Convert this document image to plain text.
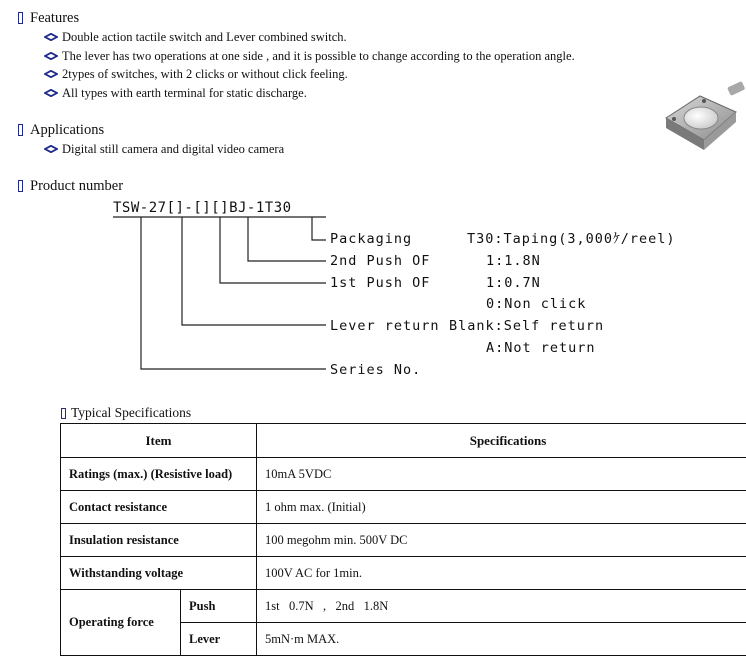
Features
Double action tactile switch and Lever combined switch.
The lever has two operations at one side , and it is possible to change according to the operation angle.
2types of switches, with 2 clicks or without click feeling.
All types with earth terminal for static discharge.
Applications
Digital still camera and digital video camera
Product number
TSW-27[]-[][]BJ-1T30
Packaging
2nd Push OF
1st Push OF
Lever return
Series No.
T30:Taping(3,000ｹ/reel)
1:1.8N
1:0.7N
0:Non click
Blank:Self return
A:Not return
Typical Specifications
Item		Specifications
Ratings (max.) (Resistive load)		10mA 5VDC
Contact resistance		1 ohm max. (Initial)
Insulation resistance		100 megohm min. 500V DC
Withstanding voltage		100V AC for 1min.
Operating force	Push	1st   0.7N   ,   2nd   1.8N
	Lever	5mN·m MAX.
